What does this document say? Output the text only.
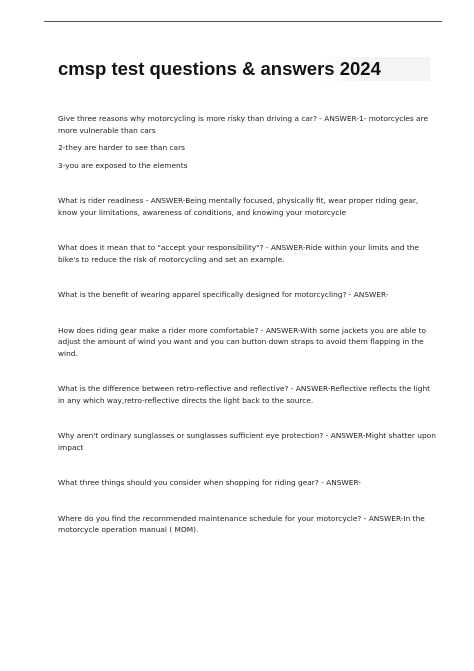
cmsp test questions & answers 2024

Give three reasons why motorcycling is more risky than driving a car? - ANSWER-1- motorcycles are more vulnerable than cars

2-they are harder to see than cars

3-you are exposed to the elements

What is rider readiness - ANSWER-Being mentally focused, physically fit, wear proper riding gear, know your limitations, awareness of conditions, and knowing your motorcycle

What does it mean that to "accept your responsibility"? - ANSWER-Ride within your limits and the bike's to reduce the risk of motorcycling and set an example.

What is the benefit of wearing apparel specifically designed for motorcycling? - ANSWER-

How does riding gear make a rider more comfortable? - ANSWER-With some jackets you are able to adjust the amount of wind you want and you can button down straps to avoid them flapping in the wind.

What is the difference between retro-reflective and reflective? - ANSWER-Reflective reflects the light in any which way,retro-reflective directs the light back to the source.

Why aren't ordinary sunglasses or sunglasses sufficient eye protection? - ANSWER-Might shatter upon impact

What three things should you consider when shopping for riding gear? - ANSWER-

Where do you find the recommended maintenance schedule for your motorcycle? - ANSWER-In the motorcycle operation manual ( MOM).
